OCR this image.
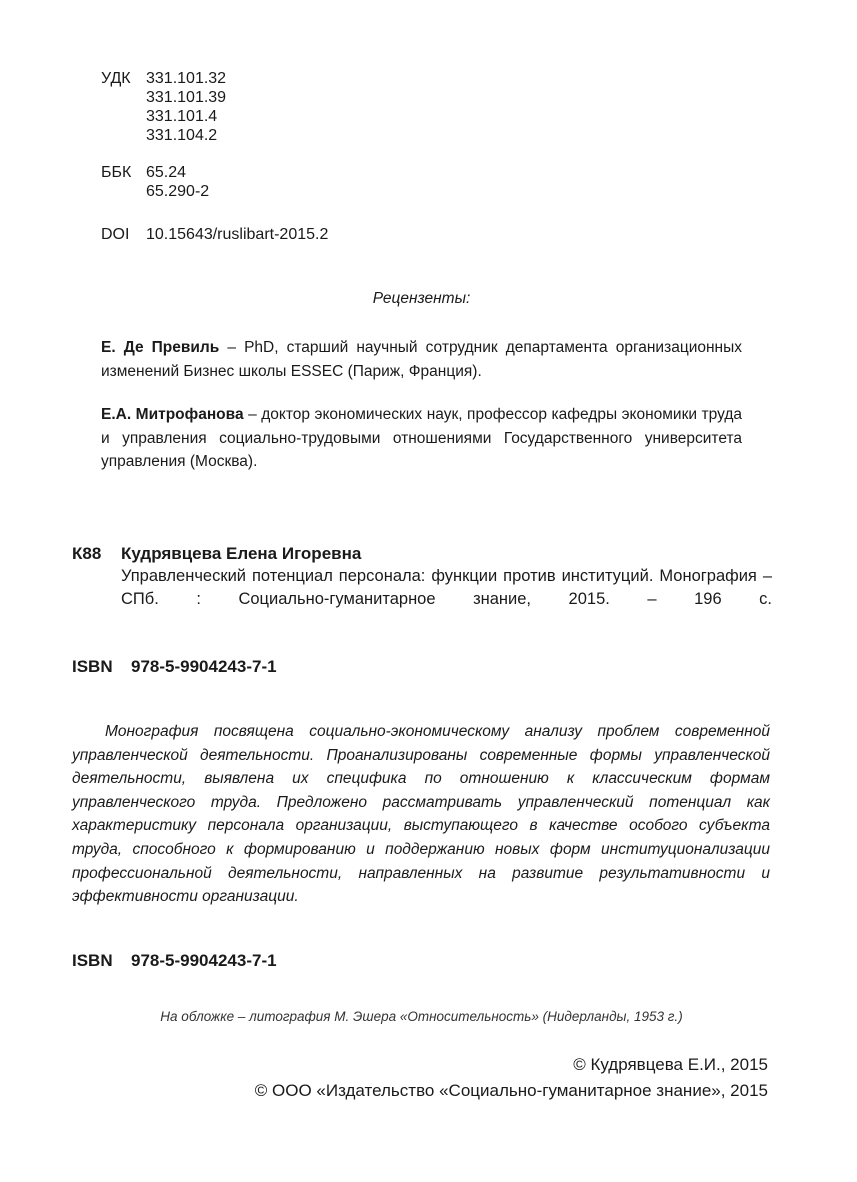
УДК 331.101.32
331.101.39
331.101.4
331.104.2
ББК 65.24
65.290-2
DOI	10.15643/ruslibart-2015.2
Рецензенты:
Е. Де Превиль – PhD, старший научный сотрудник департамента организационных изменений Бизнес школы ESSEC (Париж, Франция).
Е.А. Митрофанова – доктор экономических наук, профессор кафедры экономики труда и управления социально-трудовыми отношениями Государственного университета управления (Москва).
К88 Кудрявцева Елена Игоревна
Управленческий потенциал персонала: функции против институций. Монография – СПб. : Социально-гуманитарное знание, 2015. – 196 с.
ISBN 978-5-9904243-7-1
Монография посвящена социально-экономическому анализу проблем современной управленческой деятельности. Проанализированы современные формы управленческой деятельности, выявлена их специфика по отношению к классическим формам управленческого труда. Предложено рассматривать управленческий потенциал как характеристику персонала организации, выступающего в качестве особого субъекта труда, способного к формированию и поддержанию новых форм институционализации профессиональной деятельности, направленных на развитие результативности и эффективности организации.
ISBN 978-5-9904243-7-1
На обложке – литография М. Эшера «Относительность» (Нидерланды, 1953 г.)
© Кудрявцева Е.И., 2015
© ООО «Издательство «Социально-гуманитарное знание», 2015
